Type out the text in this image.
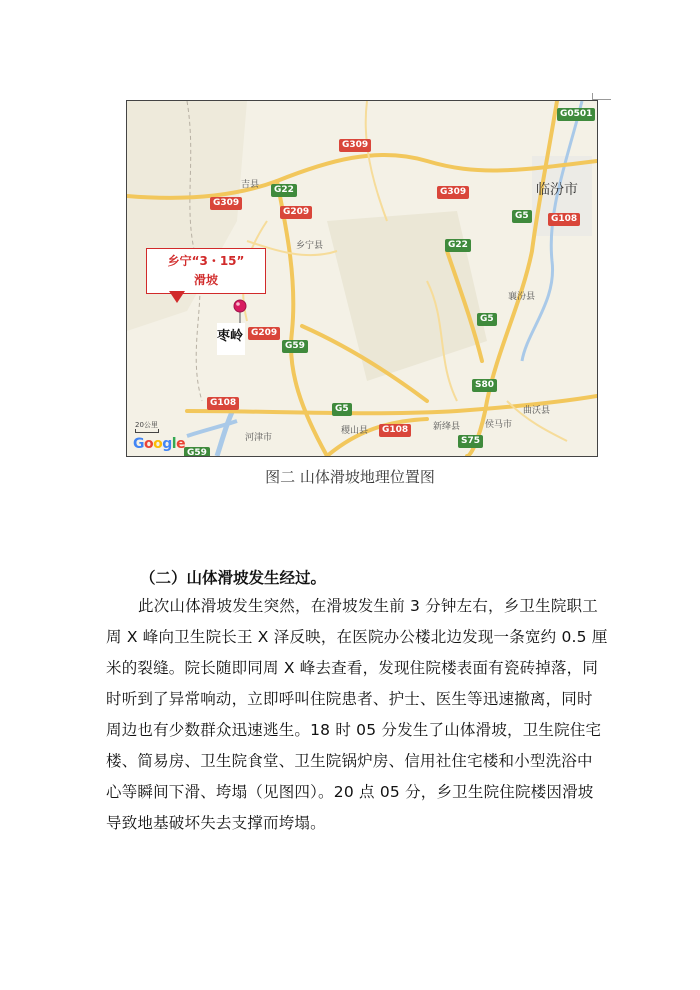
G0501
G309
G309
G309
G22
G209
G22
G5	G108
G5
G209
G59
S80
G108
G5
G108
S75
G59
临汾市
吉县
乡宁县
襄汾县
曲沃县
侯马市
新绛县
稷山县
河津市
乡宁“3・15”
滑坡
枣岭
20公里
Google
图二 山体滑坡地理位置图
（二）山体滑坡发生经过。
此次山体滑坡发生突然，在滑坡发生前 3 分钟左右，乡卫生院职工
周 X 峰向卫生院长王 X 泽反映，在医院办公楼北边发现一条宽约 0.5 厘
米的裂缝。院长随即同周 X 峰去查看，发现住院楼表面有瓷砖掉落，同
时听到了异常响动，立即呼叫住院患者、护士、医生等迅速撤离，同时
周边也有少数群众迅速逃生。18 时 05 分发生了山体滑坡，卫生院住宅
楼、简易房、卫生院食堂、卫生院锅炉房、信用社住宅楼和小型洗浴中
心等瞬间下滑、垮塌（见图四）。20 点 05 分，乡卫生院住院楼因滑坡
导致地基破坏失去支撑而垮塌。
